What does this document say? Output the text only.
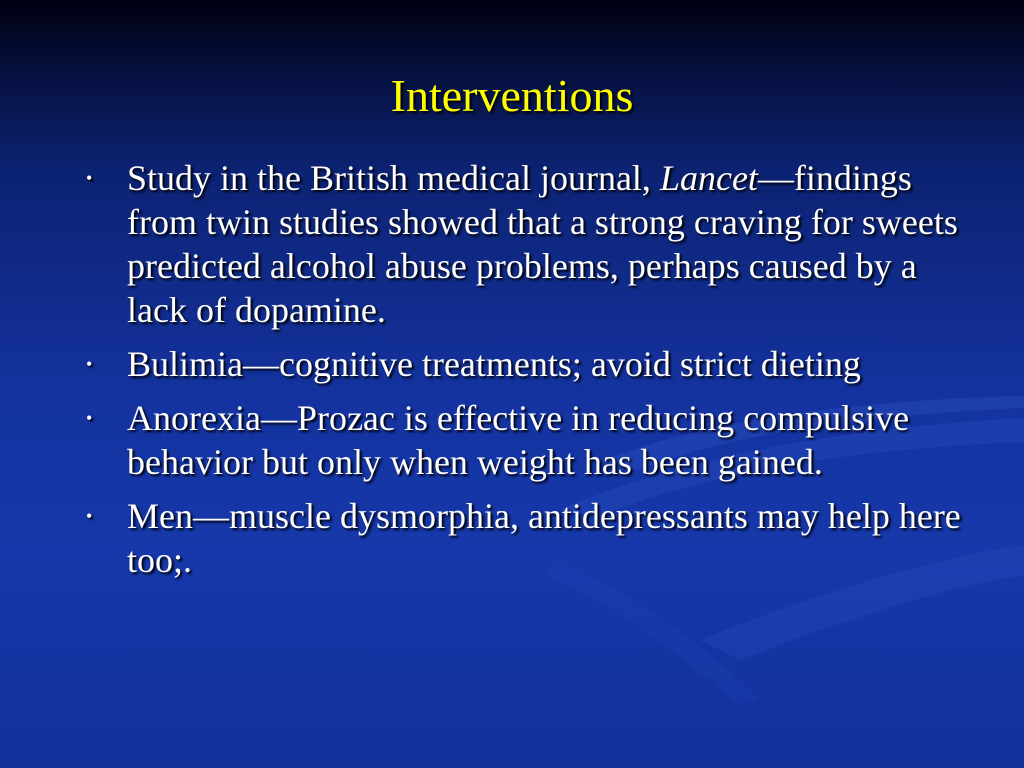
Interventions
• Study in the British medical journal, Lancet—findings from twin studies showed that a strong craving for sweets predicted alcohol abuse problems, perhaps caused by a lack of dopamine.
• Bulimia—cognitive treatments; avoid strict dieting
• Anorexia—Prozac is effective in reducing compulsive behavior but only when weight has been gained.
• Men—muscle dysmorphia, antidepressants may help here too;.
